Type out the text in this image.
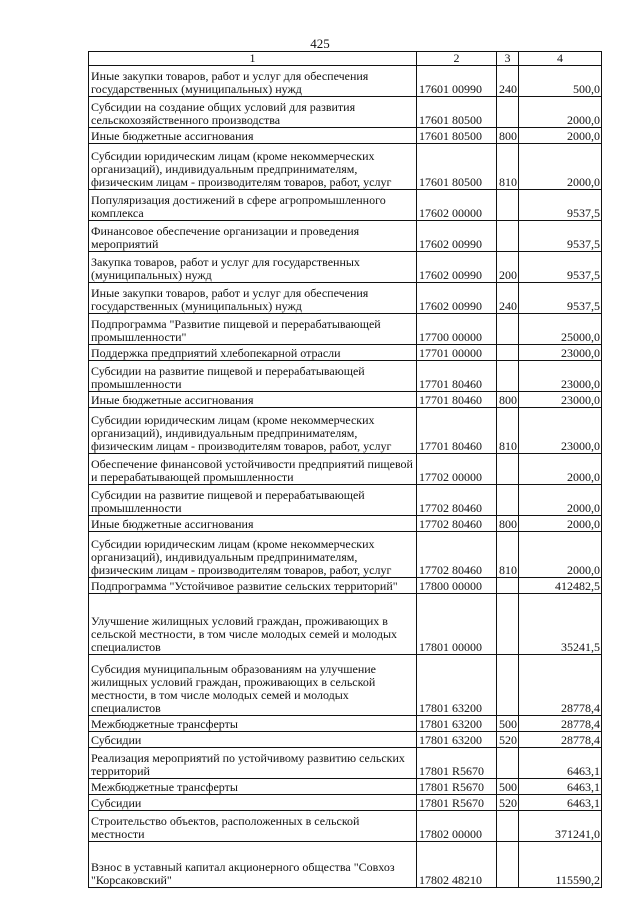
425
1	2	3	4
Иные закупки товаров, работ и услуг для обеспечения государственных (муниципальных) нужд	17601 00990	240	500,0
Субсидии на создание общих условий для развития сельскохозяйственного производства	17601 80500		2000,0
Иные бюджетные ассигнования	17601 80500	800	2000,0
Субсидии юридическим лицам (кроме некоммерческих организаций), индивидуальным предпринимателям, физическим лицам - производителям товаров, работ, услуг	17601 80500	810	2000,0
Популяризация достижений в сфере агропромышленного комплекса	17602 00000		9537,5
Финансовое обеспечение организации и проведения мероприятий	17602 00990		9537,5
Закупка товаров, работ и услуг для государственных (муниципальных) нужд	17602 00990	200	9537,5
Иные закупки товаров, работ и услуг для обеспечения государственных (муниципальных) нужд	17602 00990	240	9537,5
Подпрограмма "Развитие пищевой и перерабатывающей промышленности"	17700 00000		25000,0
Поддержка предприятий хлебопекарной отрасли	17701 00000		23000,0
Субсидии на развитие пищевой и перерабатывающей промышленности	17701 80460		23000,0
Иные бюджетные ассигнования	17701 80460	800	23000,0
Субсидии юридическим лицам (кроме некоммерческих организаций), индивидуальным предпринимателям, физическим лицам - производителям товаров, работ, услуг	17701 80460	810	23000,0
Обеспечение финансовой устойчивости предприятий пищевой и перерабатывающей промышленности	17702 00000		2000,0
Субсидии на развитие пищевой и перерабатывающей промышленности	17702 80460		2000,0
Иные бюджетные ассигнования	17702 80460	800	2000,0
Субсидии юридическим лицам (кроме некоммерческих организаций), индивидуальным предпринимателям, физическим лицам - производителям товаров, работ, услуг	17702 80460	810	2000,0
Подпрограмма "Устойчивое развитие сельских территорий"	17800 00000		412482,5
Улучшение жилищных условий граждан, проживающих в сельской местности, в том числе молодых семей и молодых специалистов	17801 00000		35241,5
Субсидия муниципальным образованиям на улучшение жилищных условий граждан, проживающих в сельской местности, в том числе молодых семей и молодых специалистов	17801 63200		28778,4
Межбюджетные трансферты	17801 63200	500	28778,4
Субсидии	17801 63200	520	28778,4
Реализация мероприятий по устойчивому развитию сельских территорий	17801 R5670		6463,1
Межбюджетные трансферты	17801 R5670	500	6463,1
Субсидии	17801 R5670	520	6463,1
Строительство объектов, расположенных в сельской местности	17802 00000		371241,0
Взнос в уставный капитал акционерного общества "Совхоз "Корсаковский"	17802 48210		115590,2
